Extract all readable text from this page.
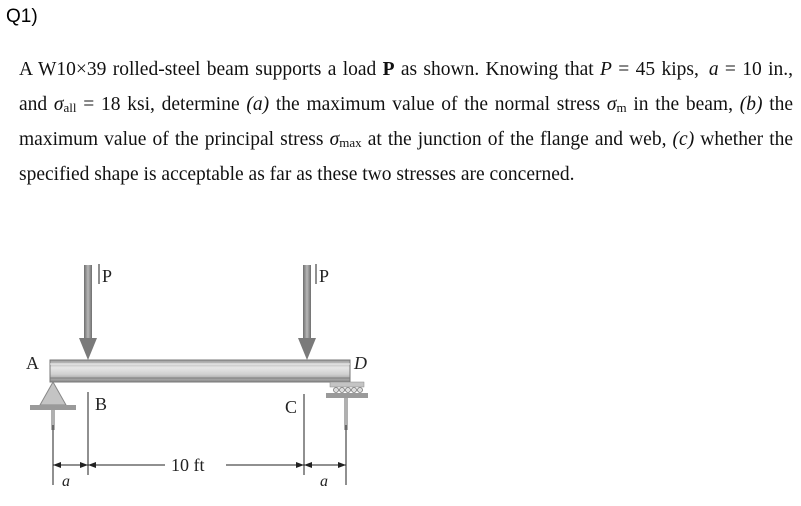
Q1)

A W10×39 rolled-steel beam supports a load P as shown. Knowing that P = 45 kips, a = 10 in., and $\sigma_{all} = 18$ ksi, determine (a) the maximum value of the normal stress $\sigma_m$ in the beam, (b) the maximum value of the principal stress $\sigma_{max}$ at the junction of the flange and web, (c) whether the specified shape is acceptable as far as these two stresses are concerned.

P	P
A	D
B	C
10 ft
a	a
